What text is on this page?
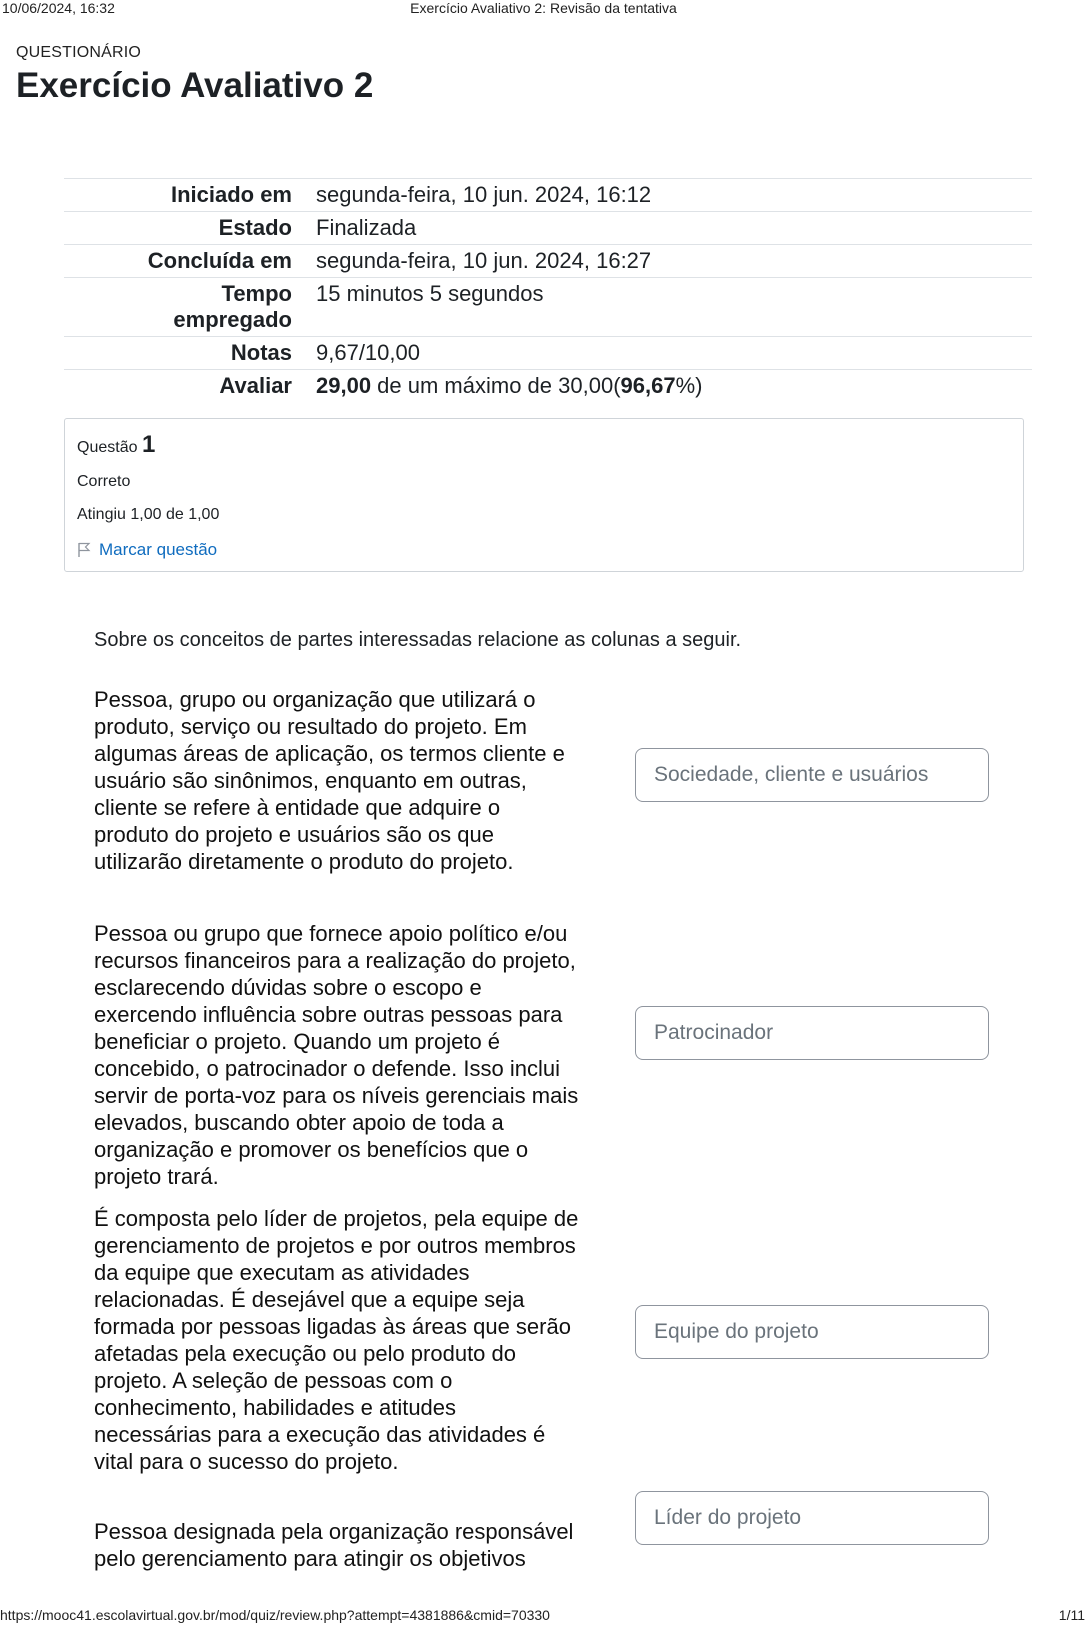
10/06/2024, 16:32	Exercício Avaliativo 2: Revisão da tentativa
QUESTIONÁRIO
Exercício Avaliativo 2
Iniciado em	segunda-feira, 10 jun. 2024, 16:12
Estado	Finalizada
Concluída em	segunda-feira, 10 jun. 2024, 16:27
Tempo
empregado	15 minutos 5 segundos
Notas	9,67/10,00
Avaliar	29,00 de um máximo de 30,00(96,67%)
Questão 1
Correto
Atingiu 1,00 de 1,00
Marcar questão
Sobre os conceitos de partes interessadas relacione as colunas a seguir.
Pessoa, grupo ou organização que utilizará o
produto, serviço ou resultado do projeto. Em
algumas áreas de aplicação, os termos cliente e
usuário são sinônimos, enquanto em outras,
cliente se refere à entidade que adquire o
produto do projeto e usuários são os que
utilizarão diretamente o produto do projeto.
Sociedade, cliente e usuários
Pessoa ou grupo que fornece apoio político e/ou
recursos financeiros para a realização do projeto,
esclarecendo dúvidas sobre o escopo e
exercendo influência sobre outras pessoas para
beneficiar o projeto. Quando um projeto é
concebido, o patrocinador o defende. Isso inclui
servir de porta-voz para os níveis gerenciais mais
elevados, buscando obter apoio de toda a
organização e promover os benefícios que o
projeto trará.
Patrocinador
É composta pelo líder de projetos, pela equipe de
gerenciamento de projetos e por outros membros
da equipe que executam as atividades
relacionadas. É desejável que a equipe seja
formada por pessoas ligadas às áreas que serão
afetadas pela execução ou pelo produto do
projeto. A seleção de pessoas com o
conhecimento, habilidades e atitudes
necessárias para a execução das atividades é
vital para o sucesso do projeto.
Equipe do projeto
Pessoa designada pela organização responsável
pelo gerenciamento para atingir os objetivos
Líder do projeto
https://mooc41.escolavirtual.gov.br/mod/quiz/review.php?attempt=4381886&cmid=70330	1/11
